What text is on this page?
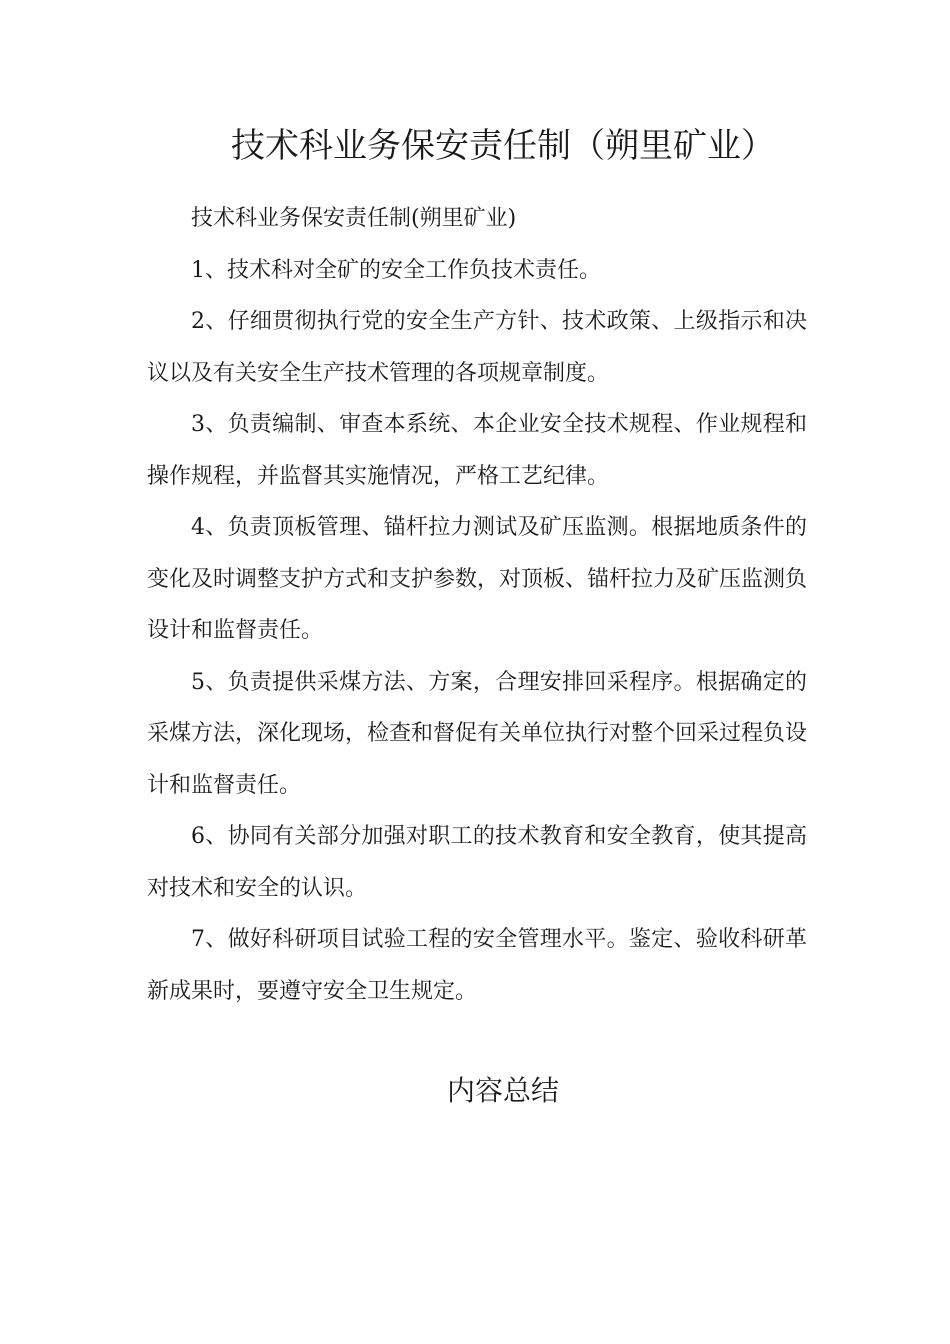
技术科业务保安责任制（朔里矿业）

技术科业务保安责任制(朔里矿业)

1、技术科对全矿的安全工作负技术责任。

2、仔细贯彻执行党的安全生产方针、技术政策、上级指示和决议以及有关安全生产技术管理的各项规章制度。

3、负责编制、审查本系统、本企业安全技术规程、作业规程和操作规程，并监督其实施情况，严格工艺纪律。

4、负责顶板管理、锚杆拉力测试及矿压监测。根据地质条件的变化及时调整支护方式和支护参数，对顶板、锚杆拉力及矿压监测负设计和监督责任。

5、负责提供采煤方法、方案，合理安排回采程序。根据确定的采煤方法，深化现场，检查和督促有关单位执行对整个回采过程负设计和监督责任。

6、协同有关部分加强对职工的技术教育和安全教育，使其提高对技术和安全的认识。

7、做好科研项目试验工程的安全管理水平。鉴定、验收科研革新成果时，要遵守安全卫生规定。

内容总结
